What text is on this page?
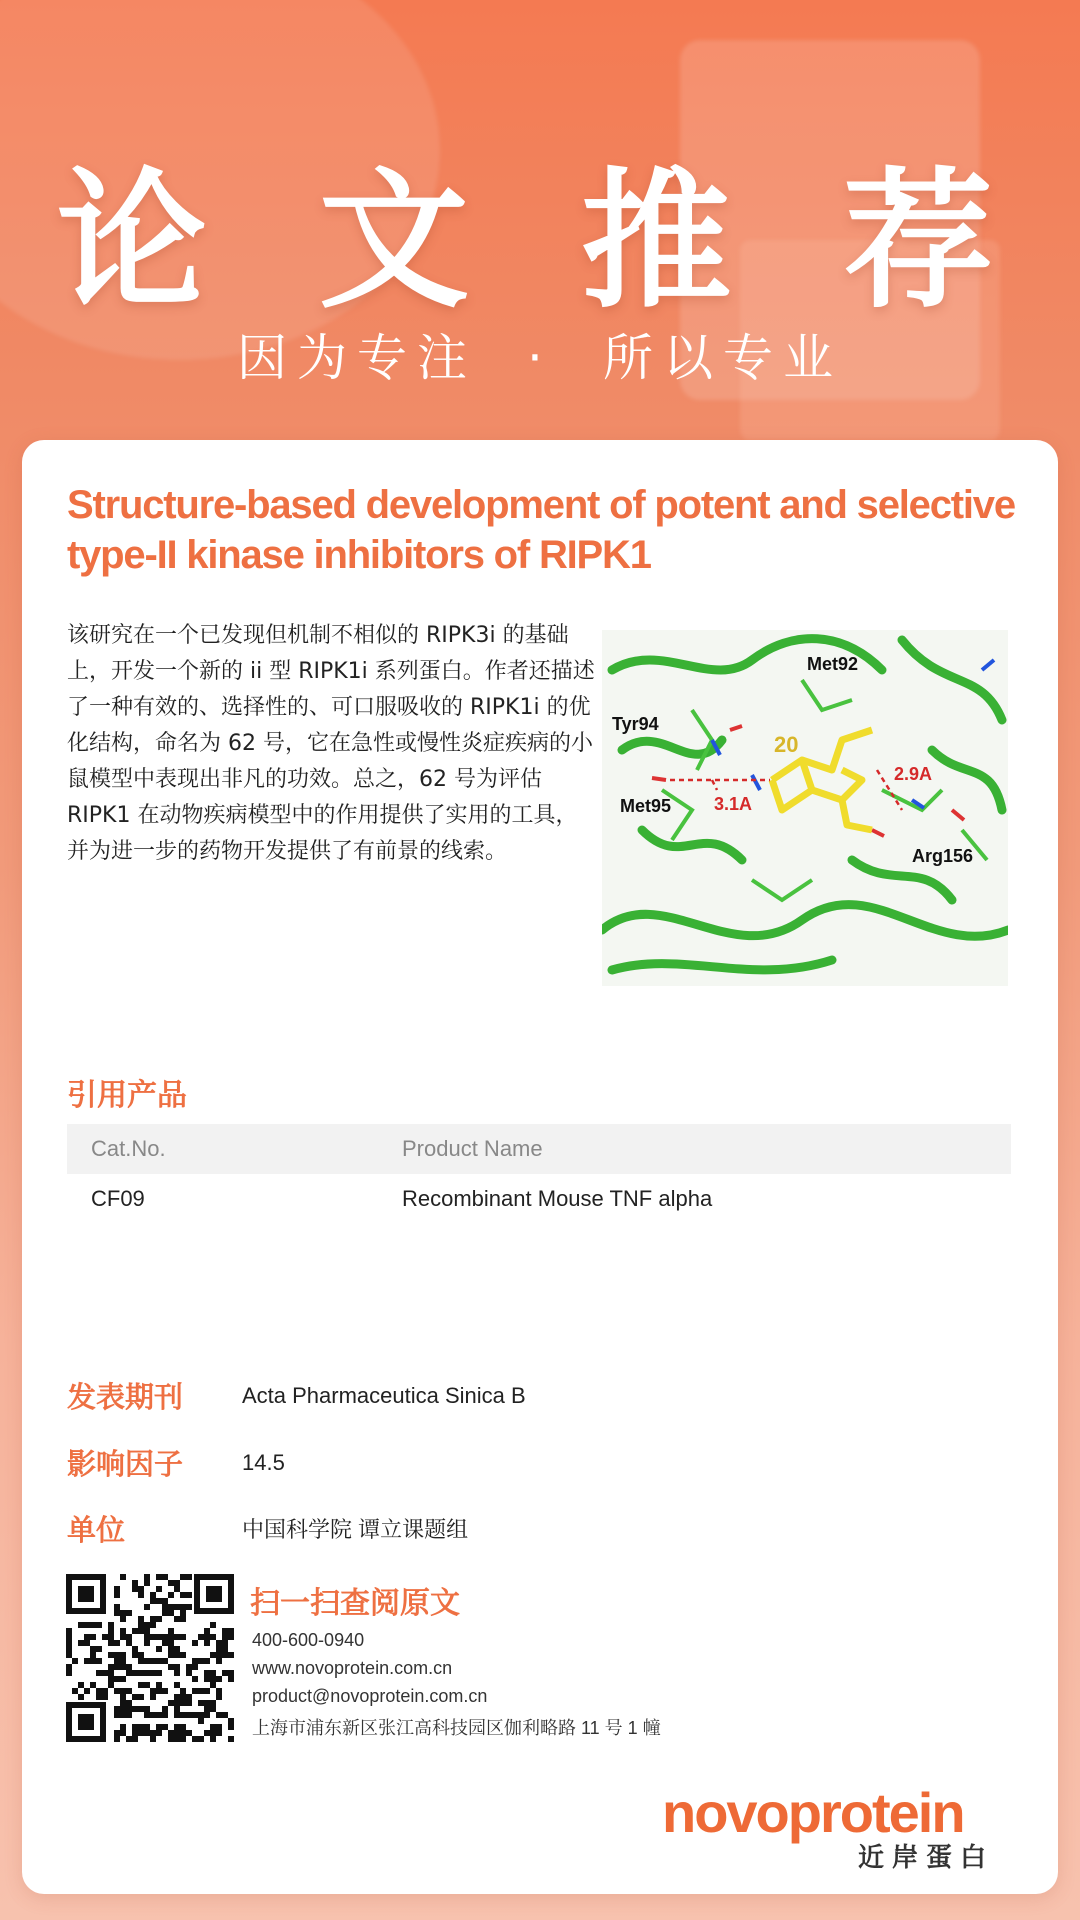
论 文 推 荐
因为专注 · 所以专业
Structure-based development of potent and selective type-II kinase inhibitors of RIPK1
该研究在一个已发现但机制不相似的 RIPK3i 的基础上，开发一个新的 ii 型 RIPK1i 系列蛋白。作者还描述了一种有效的、选择性的、可口服吸收的 RIPK1i 的优化结构，命名为 62 号，它在急性或慢性炎症疾病的小鼠模型中表现出非凡的功效。总之，62 号为评估 RIPK1 在动物疾病模型中的作用提供了实用的工具，并为进一步的药物开发提供了有前景的线索。
Met92
Tyr94
Met95
Arg156
20
3.1A
2.9A
引用产品
Cat.No.	Product Name
CF09	Recombinant Mouse TNF alpha
发表期刊	Acta Pharmaceutica Sinica B
影响因子	14.5
单位	中国科学院 谭立课题组
扫一扫查阅原文
400-600-0940
www.novoprotein.com.cn
product@novoprotein.com.cn
上海市浦东新区张江高科技园区伽利略路 11 号 1 幢
novoprotein
近岸蛋白
